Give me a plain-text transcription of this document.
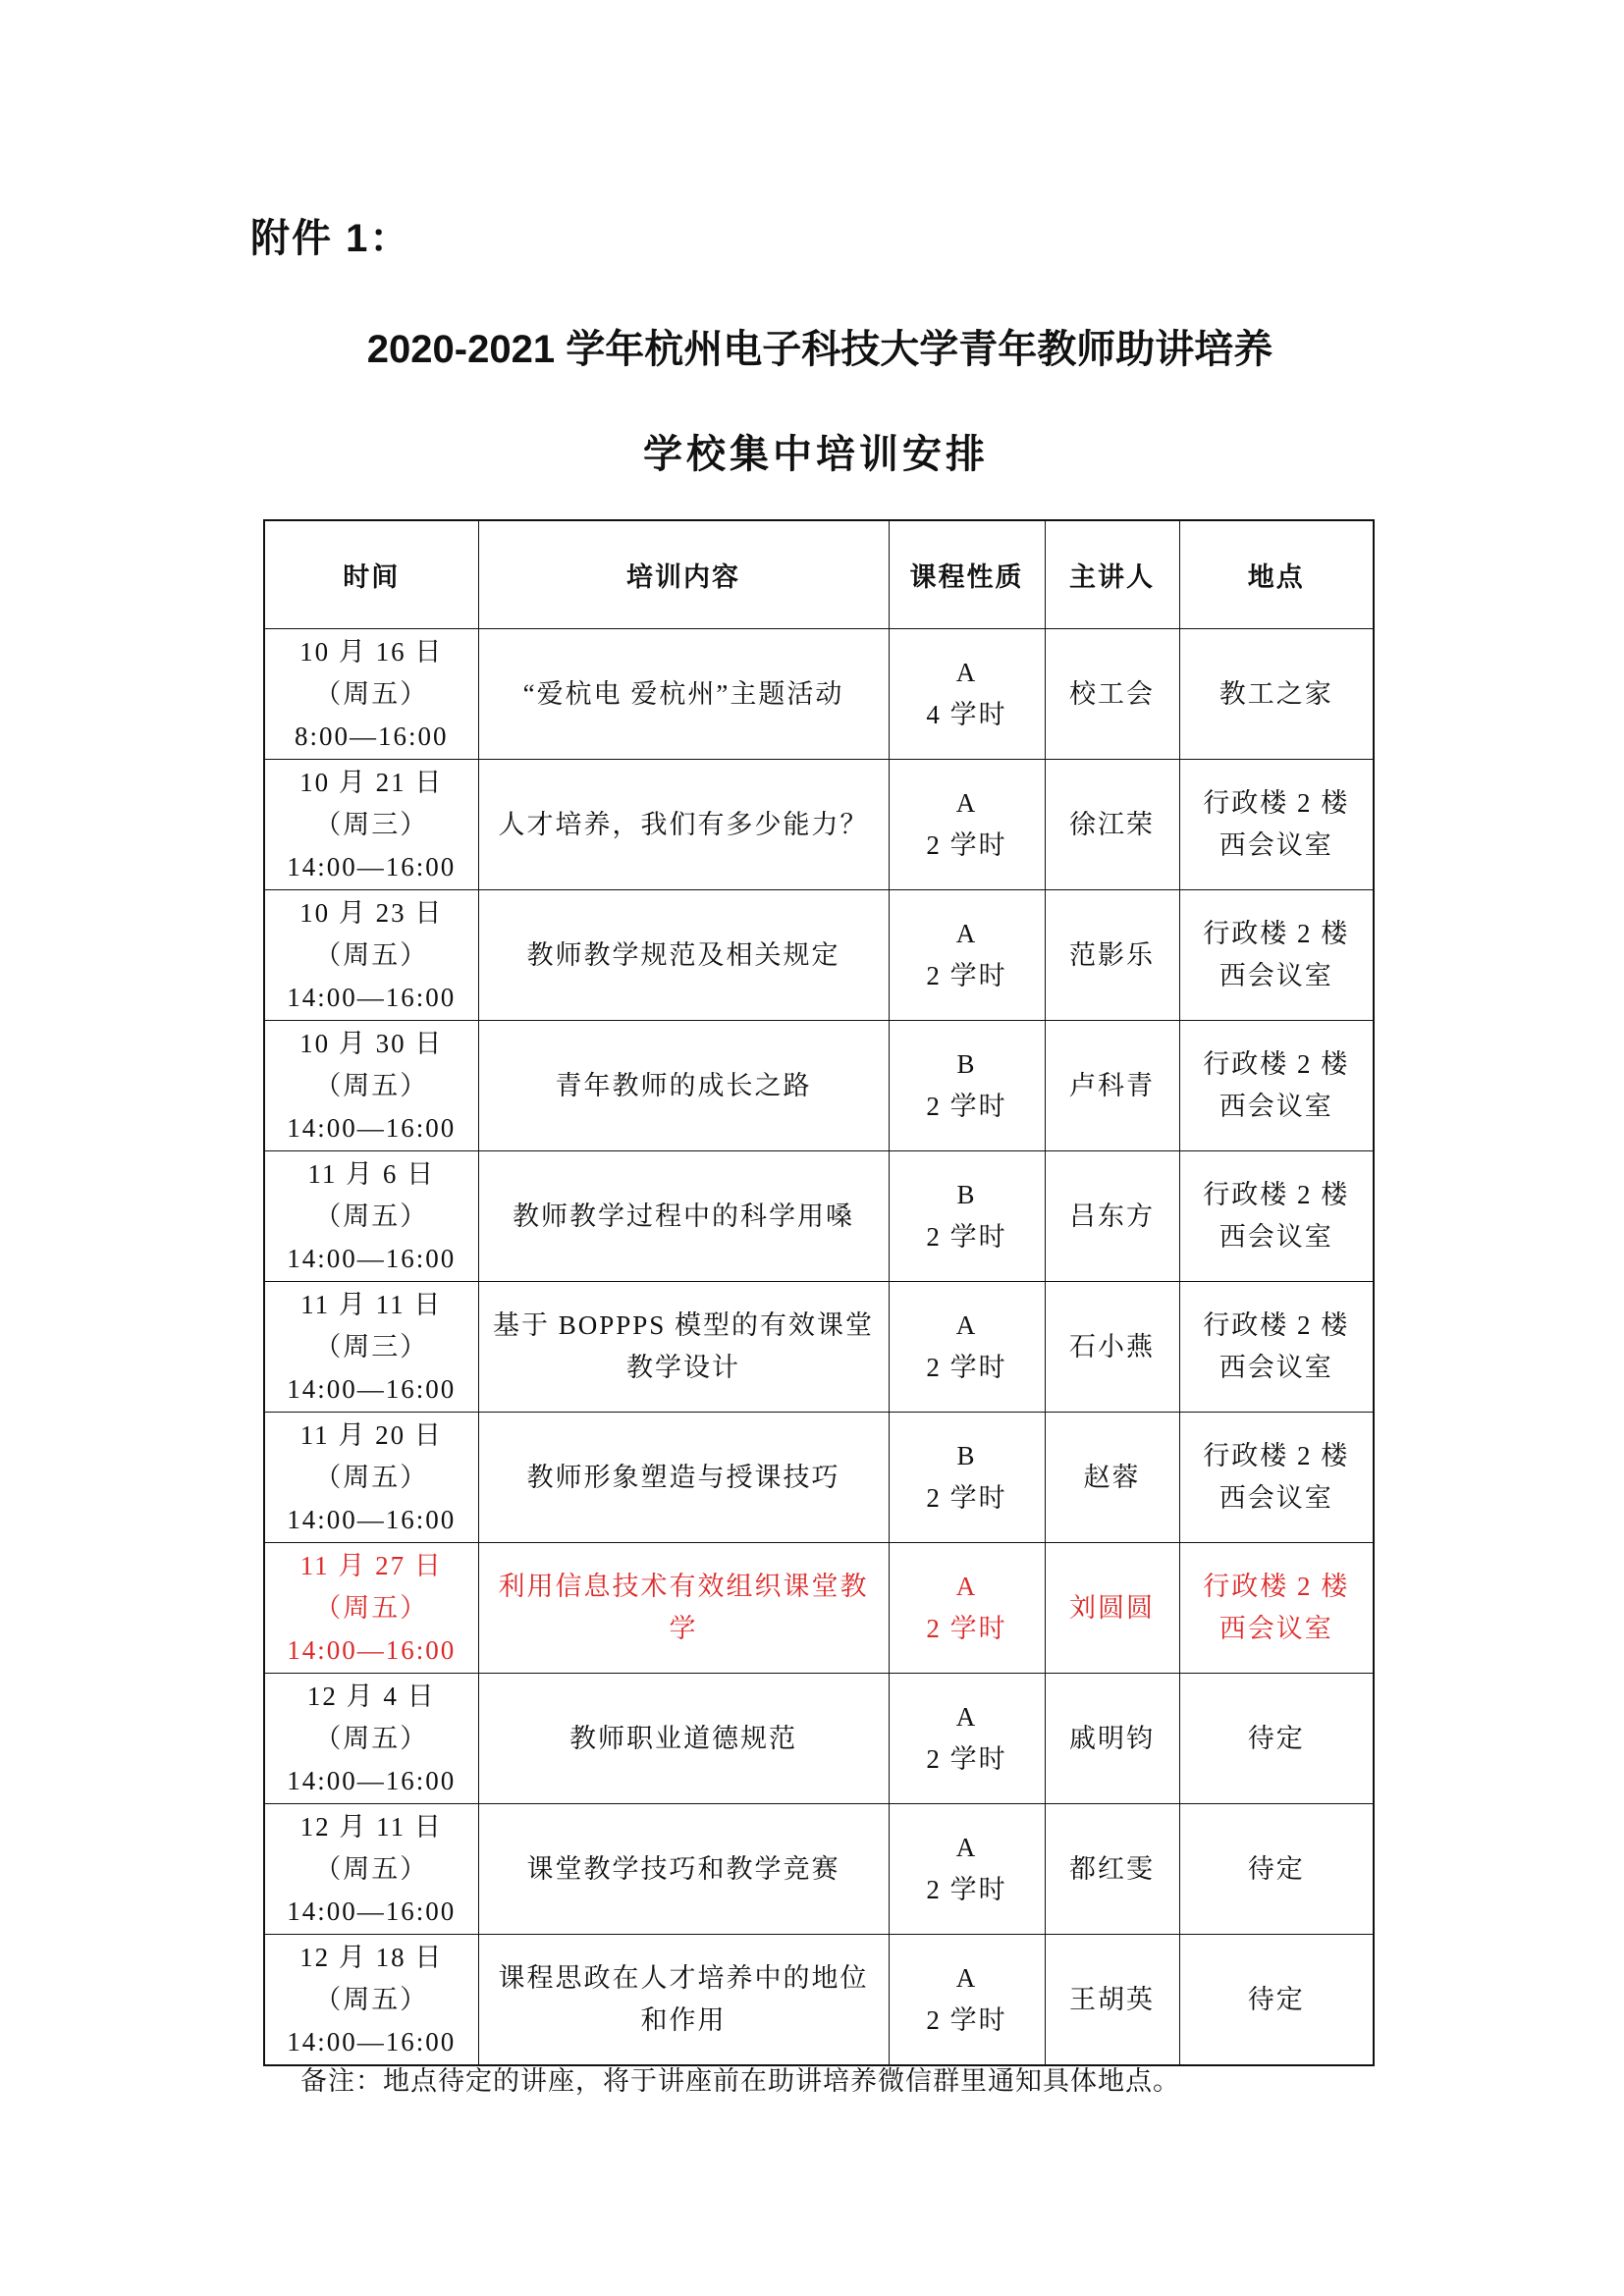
附件 1：
2020-2021 学年杭州电子科技大学青年教师助讲培养
学校集中培训安排
时间	培训内容	课程性质	主讲人	地点

10 月 16 日
（周五）
8:00—16:00	“爱杭电 爱杭州”主题活动	A
4 学时	校工会	教工之家

10 月 21 日
（周三）
14:00—16:00	人才培养，我们有多少能力？	A
2 学时	徐江荣	行政楼 2 楼
西会议室

10 月 23 日
（周五）
14:00—16:00	教师教学规范及相关规定	A
2 学时	范影乐	行政楼 2 楼
西会议室

10 月 30 日
（周五）
14:00—16:00	青年教师的成长之路	B
2 学时	卢科青	行政楼 2 楼
西会议室

11 月 6 日
（周五）
14:00—16:00	教师教学过程中的科学用嗓	B
2 学时	吕东方	行政楼 2 楼
西会议室

11 月 11 日
（周三）
14:00—16:00	基于 BOPPPS 模型的有效课堂教学设计	A
2 学时	石小燕	行政楼 2 楼
西会议室

11 月 20 日
（周五）
14:00—16:00	教师形象塑造与授课技巧	B
2 学时	赵蓉	行政楼 2 楼
西会议室

11 月 27 日
（周五）
14:00—16:00	利用信息技术有效组织课堂教学	A
2 学时	刘圆圆	行政楼 2 楼
西会议室

12 月 4 日
（周五）
14:00—16:00	教师职业道德规范	A
2 学时	戚明钧	待定

12 月 11 日
（周五）
14:00—16:00	课堂教学技巧和教学竞赛	A
2 学时	都红雯	待定

12 月 18 日
（周五）
14:00—16:00	课程思政在人才培养中的地位和作用	A
2 学时	王胡英	待定
备注：地点待定的讲座，将于讲座前在助讲培养微信群里通知具体地点。
